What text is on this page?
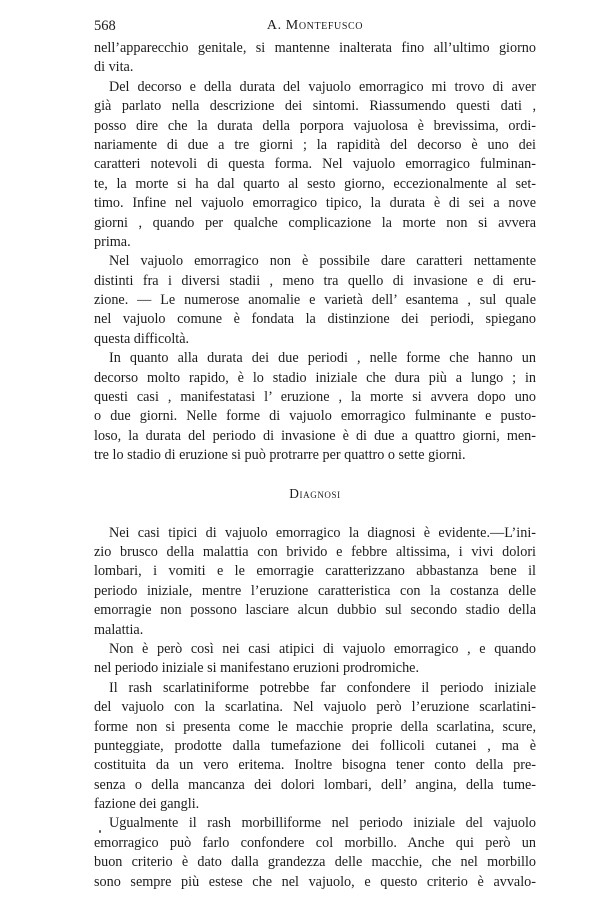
568	A. Montefusco
nell’apparecchio genitale, si mantenne inalterata fino all’ultimo giorno
di vita.
Del decorso e della durata del vajuolo emorragico mi trovo di aver
già parlato nella descrizione dei sintomi. Riassumendo questi dati ,
posso dire che la durata della porpora vajuolosa è brevissima, ordi-
nariamente di due a tre giorni ; la rapidità del decorso è uno dei
caratteri notevoli di questa forma. Nel vajuolo emorragico fulminan-
te, la morte si ha dal quarto al sesto giorno, eccezionalmente al set-
timo. Infine nel vajuolo emorragico tipico, la durata è di sei a nove
giorni , quando per qualche complicazione la morte non si avvera
prima.
Nel vajuolo emorragico non è possibile dare caratteri nettamente
distinti fra i diversi stadii , meno tra quello di invasione e di eru-
zione. — Le numerose anomalie e varietà dell’ esantema , sul quale
nel vajuolo comune è fondata la distinzione dei periodi, spiegano
questa difficoltà.
In quanto alla durata dei due periodi , nelle forme che hanno un
decorso molto rapido, è lo stadio iniziale che dura più a lungo ; in
questi casi , manifestatasi l’ eruzione , la morte si avvera dopo uno
o due giorni. Nelle forme di vajuolo emorragico fulminante e pusto-
loso, la durata del periodo di invasione è di due a quattro giorni, men-
tre lo stadio di eruzione si può protrarre per quattro o sette giorni.
Diagnosi
Nei casi tipici di vajuolo emorragico la diagnosi è evidente.—L’ini-
zio brusco della malattia con brivido e febbre altissima, i vivi dolori
lombari, i vomiti e le emorragie caratterizzano abbastanza bene il
periodo iniziale, mentre l’eruzione caratteristica con la costanza delle
emorragie non possono lasciare alcun dubbio sul secondo stadio della
malattia.
Non è però così nei casi atipici di vajuolo emorragico , e quando
nel periodo iniziale si manifestano eruzioni prodromiche.
Il rash scarlatiniforme potrebbe far confondere il periodo iniziale
del vajuolo con la scarlatina. Nel vajuolo però l’eruzione scarlatini-
forme non si presenta come le macchie proprie della scarlatina, scure,
punteggiate, prodotte dalla tumefazione dei follicoli cutanei , ma è
costituita da un vero eritema. Inoltre bisogna tener conto della pre-
senza o della mancanza dei dolori lombari, dell’ angina, della tume-
fazione dei gangli.
Ugualmente il rash morbilliforme nel periodo iniziale del vajuolo
emorragico può farlo confondere col morbillo. Anche qui però un
buon criterio è dato dalla grandezza delle macchie, che nel morbillo
sono sempre più estese che nel vajuolo, e questo criterio è avvalo-
